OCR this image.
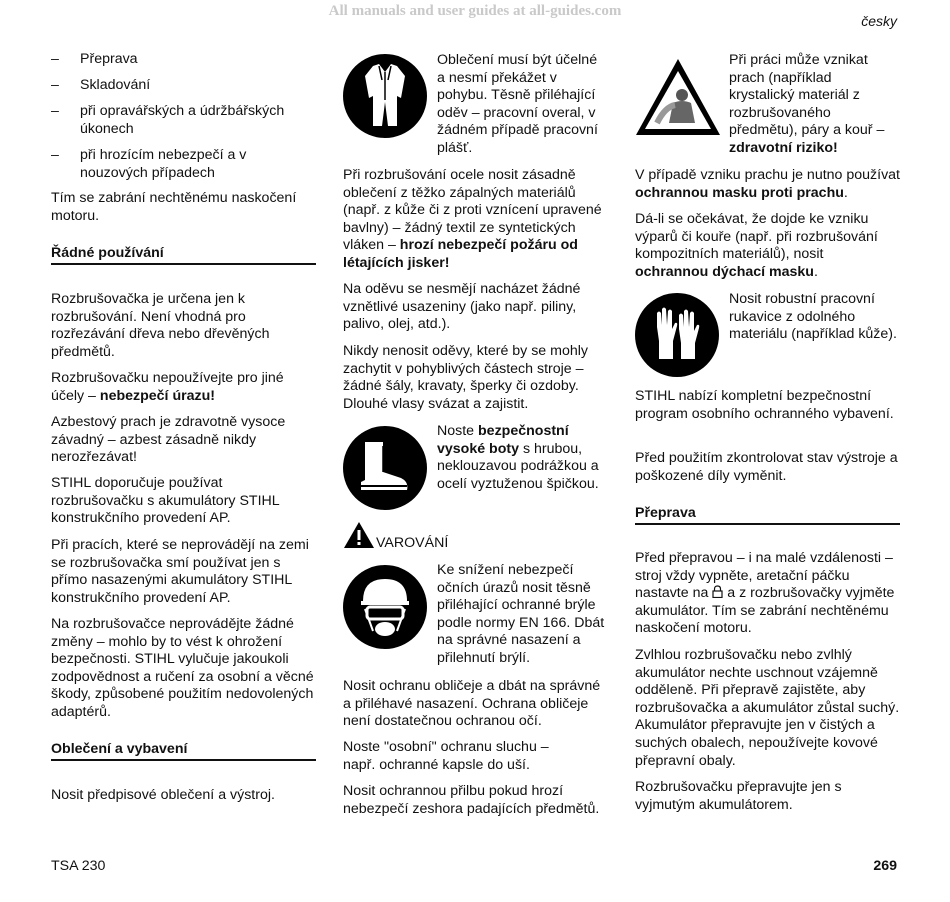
All manuals and user guides at all-guides.com
česky
– Přeprava
– Skladování
– při opravářských a údržbářských úkonech
– při hrozícím nebezpečí a v nouzových případech

Tím se zabrání nechtěnému naskočení motoru.

Řádné používání

Rozbrušovačka je určena jen k rozbrušování. Není vhodná pro rozřezávání dřeva nebo dřevěných předmětů.

Rozbrušovačku nepoužívejte pro jiné účely – nebezpečí úrazu!

Azbestový prach je zdravotně vysoce závadný – azbest zásadně nikdy nerozřezávat!

STIHL doporučuje používat rozbrušovačku s akumulátory STIHL konstrukčního provedení AP.

Při pracích, které se neprovádějí na zemi se rozbrušovačka smí používat jen s přímo nasazenými akumulátory STIHL konstrukčního provedení AP.

Na rozbrušovačce neprovádějte žádné změny – mohlo by to vést k ohrožení bezpečnosti. STIHL vylučuje jakoukoli zodpovědnost a ručení za osobní a věcné škody, způsobené použitím nedovolených adaptérů.

Oblečení a vybavení

Nosit předpisové oblečení a výstroj.

Oblečení musí být účelné a nesmí překážet v pohybu. Těsně přiléhající oděv – pracovní overal, v žádném případě pracovní plášť.

Při rozbrušování ocele nosit zásadně oblečení z těžko zápalných materiálů (např. z kůže či z proti vznícení upravené bavlny) – žádný textil ze syntetických vláken – hrozí nebezpečí požáru od létajících jisker!

Na oděvu se nesmějí nacházet žádné vznětlivé usazeniny (jako např. piliny, palivo, olej, atd.).

Nikdy nenosit oděvy, které by se mohly zachytit v pohyblivých částech stroje – žádné šály, kravaty, šperky či ozdoby. Dlouhé vlasy svázat a zajistit.

Noste bezpečnostní vysoké boty s hrubou, neklouzavou podrážkou a ocelí vyztuženou špičkou.

VAROVÁNÍ

Ke snížení nebezpečí očních úrazů nosit těsně přiléhající ochranné brýle podle normy EN 166. Dbát na správné nasazení a přilehnutí brýlí.

Nosit ochranu obličeje a dbát na správné a přiléhavé nasazení. Ochrana obličeje není dostatečnou ochranou očí.

Noste "osobní" ochranu sluchu – např. ochranné kapsle do uší.

Nosit ochrannou přilbu pokud hrozí nebezpečí zeshora padajících předmětů.

Při práci může vznikat prach (například krystalický materiál z rozbrušovaného předmětu), páry a kouř – zdravotní riziko!

V případě vzniku prachu je nutno používat ochrannou masku proti prachu.

Dá-li se očekávat, že dojde ke vzniku výparů či kouře (např. při rozbrušování kompozitních materiálů), nosit ochrannou dýchací masku.

Nosit robustní pracovní rukavice z odolného materiálu (například kůže).

STIHL nabízí kompletní bezpečnostní program osobního ochranného vybavení.

Před použitím zkontrolovat stav výstroje a poškozené díly vyměnit.

Přeprava

Před přepravou – i na malé vzdálenosti – stroj vždy vypněte, aretační páčku nastavte na a z rozbrušovačky vyjměte akumulátor. Tím se zabrání nechtěnému naskočení motoru.

Zvlhlou rozbrušovačku nebo zvlhlý akumulátor nechte uschnout vzájemně odděleně. Při přepravě zajistěte, aby rozbrušovačka a akumulátor zůstal suchý. Akumulátor přepravujte jen v čistých a suchých obalech, nepoužívejte kovové přepravní obaly.

Rozbrušovačku přepravujte jen s vyjmutým akumulátorem.

TSA 230	269
